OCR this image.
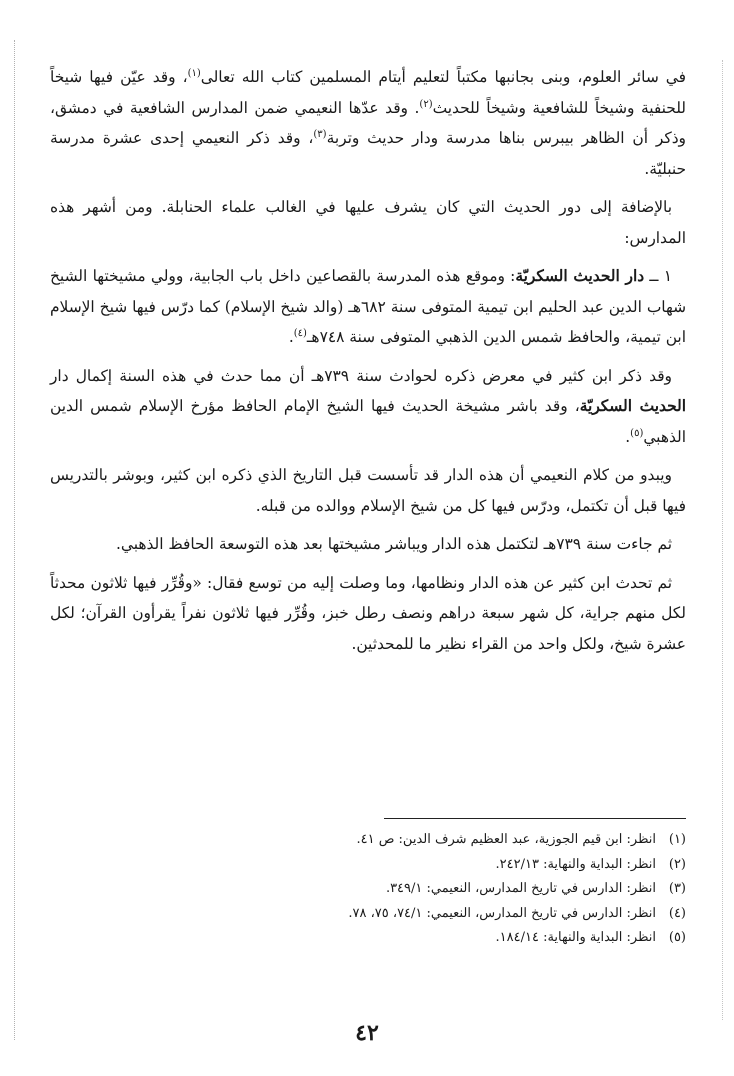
في سائر العلوم، وبنى بجانبها مكتباً لتعليم أيتام المسلمين كتاب الله تعالى$^{(١)}$، وقد عيّن فيها شيخاً للحنفية وشيخاً للشافعية وشيخاً للحديث$^{(٢)}$. وقد عدّها النعيمي ضمن المدارس الشافعية في دمشق، وذكر أن الظاهر بيبرس بناها مدرسة ودار حديث وتربة$^{(٣)}$، وقد ذكر النعيمي إحدى عشرة مدرسة حنبليّة.

بالإضافة إلى دور الحديث التي كان يشرف عليها في الغالب علماء الحنابلة. ومن أشهر هذه المدارس:

١ ــ دار الحديث السكريّة: وموقع هذه المدرسة بالقصاعين داخل باب الجابية، وولي مشيختها الشيخ شهاب الدين عبد الحليم ابن تيمية المتوفى سنة ٦٨٢هـ (والد شيخ الإسلام) كما درّس فيها شيخ الإسلام ابن تيمية، والحافظ شمس الدين الذهبي المتوفى سنة ٧٤٨هـ$^{(٤)}$.

وقد ذكر ابن كثير في معرض ذكره لحوادث سنة ٧٣٩هـ أن مما حدث في هذه السنة إكمال دار الحديث السكريّة، وقد باشر مشيخة الحديث فيها الشيخ الإمام الحافظ مؤرخ الإسلام شمس الدين الذهبي$^{(٥)}$.

ويبدو من كلام النعيمي أن هذه الدار قد تأسست قبل التاريخ الذي ذكره ابن كثير، وبوشر بالتدريس فيها قبل أن تكتمل، ودرّس فيها كل من شيخ الإسلام ووالده من قبله.

ثم جاءت سنة ٧٣٩هـ لتكتمل هذه الدار ويباشر مشيختها بعد هذه التوسعة الحافظ الذهبي.

ثم تحدث ابن كثير عن هذه الدار ونظامها، وما وصلت إليه من توسع فقال: «وقُرِّر فيها ثلاثون محدثاً لكل منهم جراية، كل شهر سبعة دراهم ونصف رطل خبز، وقُرِّر فيها ثلاثون نفراً يقرأون القرآن؛ لكل عشرة شيخ، ولكل واحد من القراء نظير ما للمحدثين.

(١)
انظر: ابن قيم الجوزية، عبد العظيم شرف الدين: ص ٤١.
(٢)
انظر: البداية والنهاية: ٢٤٢/١٣.
(٣)
انظر: الدارس في تاريخ المدارس، النعيمي: ٣٤٩/١.
(٤)
انظر: الدارس في تاريخ المدارس، النعيمي: ٧٤/١، ٧٥، ٧٨.
(٥)
انظر: البداية والنهاية: ١٨٤/١٤.
٤٢
